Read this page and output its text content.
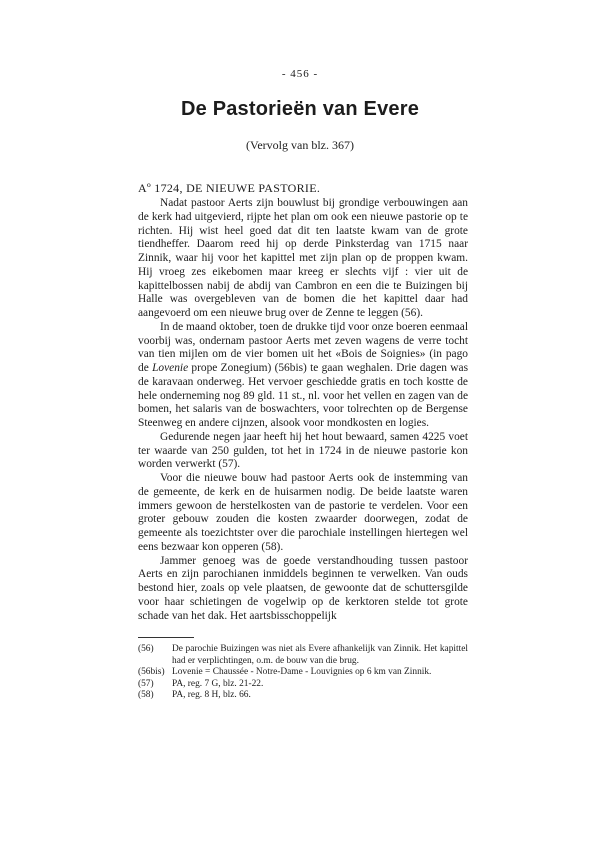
- 456 -
De Pastorieën van Evere
(Vervolg van blz. 367)
Aº 1724, DE NIEUWE PASTORIE.

Nadat pastoor Aerts zijn bouwlust bij grondige verbouwingen aan de kerk had uitgevierd, rijpte het plan om ook een nieuwe pastorie op te richten. Hij wist heel goed dat dit ten laatste kwam van de grote tiendheffer. Daarom reed hij op derde Pinksterdag van 1715 naar Zinnik, waar hij voor het kapittel met zijn plan op de proppen kwam. Hij vroeg zes eikebomen maar kreeg er slechts vijf : vier uit de kapittelbossen nabij de abdij van Cambron en een die te Buizingen bij Halle was overgebleven van de bomen die het kapittel daar had aangevoerd om een nieuwe brug over de Zenne te leggen (56).

In de maand oktober, toen de drukke tijd voor onze boeren eenmaal voorbij was, ondernam pastoor Aerts met zeven wagens de verre tocht van tien mijlen om de vier bomen uit het «Bois de Soignies» (in pago de Lovenie prope Zonegium) (56bis) te gaan weghalen. Drie dagen was de karavaan onderweg. Het vervoer geschiedde gratis en toch kostte de hele onderneming nog 89 gld. 11 st., nl. voor het vellen en zagen van de bomen, het salaris van de boswachters, voor tolrechten op de Bergense Steenweg en andere cijnzen, alsook voor mondkosten en logies.

Gedurende negen jaar heeft hij het hout bewaard, samen 4225 voet ter waarde van 250 gulden, tot het in 1724 in de nieuwe pastorie kon worden verwerkt (57).

Voor die nieuwe bouw had pastoor Aerts ook de instemming van de gemeente, de kerk en de huisarmen nodig. De beide laatste waren immers gewoon de herstelkosten van de pastorie te verdelen. Voor een groter gebouw zouden die kosten zwaarder doorwegen, zodat de gemeente als toezichtster over die parochiale instellingen hiertegen wel eens bezwaar kon opperen (58).

Jammer genoeg was de goede verstandhouding tussen pastoor Aerts en zijn parochianen inmiddels beginnen te verwelken. Van ouds bestond hier, zoals op vele plaatsen, de gewoonte dat de schuttersgilde voor haar schietingen de vogelwip op de kerktoren stelde tot grote schade van het dak. Het aartsbisschoppelijk

(56)	De parochie Buizingen was niet als Evere afhankelijk van Zinnik. Het kapittel had er verplichtingen, o.m. de bouw van die brug.
(56bis) Lovenie = Chaussée - Notre-Dame - Louvignies op 6 km van Zinnik.
(57)	PA, reg. 7 G, blz. 21-22.
(58)	PA, reg. 8 H, blz. 66.
